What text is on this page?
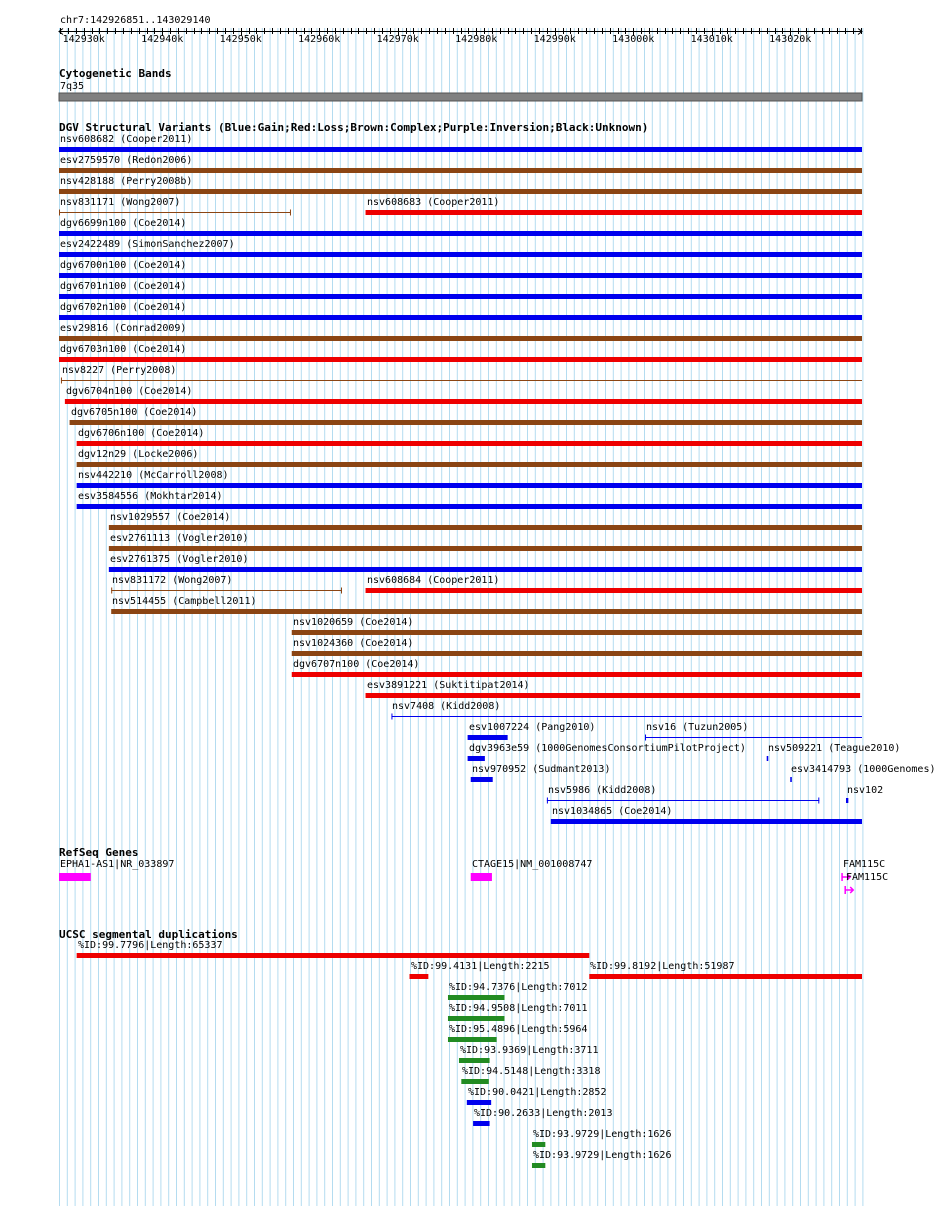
chr7:142926851..143029140
142930k	142940k	142950k	142960k	142970k	142980k	142990k	143000k	143010k	143020k
Cytogenetic Bands
7q35
DGV Structural Variants (Blue:Gain;Red:Loss;Brown:Complex;Purple:Inversion;Black:Unknown)
nsv608682 (Cooper2011)
esv2759570 (Redon2006)
nsv428188 (Perry2008b)
nsv831171 (Wong2007)	nsv608683 (Cooper2011)
dgv6699n100 (Coe2014)
esv2422489 (SimonSanchez2007)
dgv6700n100 (Coe2014)
dgv6701n100 (Coe2014)
dgv6702n100 (Coe2014)
esv29816 (Conrad2009)
dgv6703n100 (Coe2014)
nsv8227 (Perry2008)
dgv6704n100 (Coe2014)
dgv6705n100 (Coe2014)
dgv6706n100 (Coe2014)
dgv12n29 (Locke2006)
nsv442210 (McCarroll2008)
esv3584556 (Mokhtar2014)
nsv1029557 (Coe2014)
esv2761113 (Vogler2010)
esv2761375 (Vogler2010)
nsv831172 (Wong2007)	nsv608684 (Cooper2011)
nsv514455 (Campbell2011)
nsv1020659 (Coe2014)
nsv1024360 (Coe2014)
dgv6707n100 (Coe2014)
esv3891221 (Suktitipat2014)
nsv7408 (Kidd2008)
esv1007224 (Pang2010)	nsv16 (Tuzun2005)
dgv3963e59 (1000GenomesConsortiumPilotProject) nsv509221 (Teague2010)
nsv970952 (Sudmant2013)	esv3414793 (1000Genomes)
nsv5986 (Kidd2008)	nsv102
nsv1034865 (Coe2014)
RefSeq Genes
EPHA1-AS1|NR_033897	CTAGE15|NM_001008747	FAM115C
FAM115C
UCSC segmental duplications
%ID:99.7796|Length:65337
%ID:99.4131|Length:2215	%ID:99.8192|Length:51987
%ID:94.7376|Length:7012
%ID:94.9508|Length:7011
%ID:95.4896|Length:5964
%ID:93.9369|Length:3711
%ID:94.5148|Length:3318
%ID:90.0421|Length:2852
%ID:90.2633|Length:2013
%ID:93.9729|Length:1626
%ID:93.9729|Length:1626
